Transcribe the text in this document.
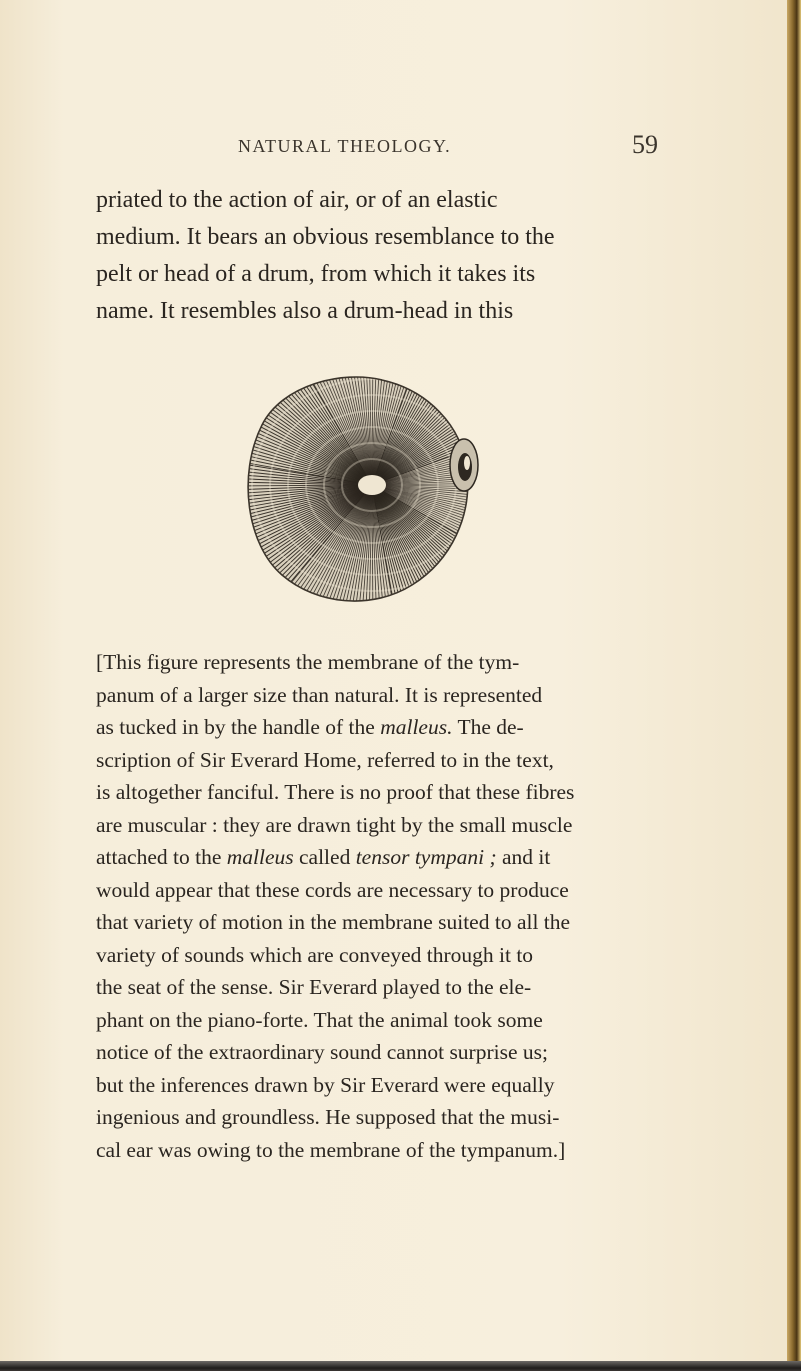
NATURAL THEOLOGY.	59

priated to the action of air, or of an elastic
medium. It bears an obvious resemblance to the
pelt or head of a drum, from which it takes its
name. It resembles also a drum-head in this

[This figure represents the membrane of the tym-
panum of a larger size than natural. It is represented
as tucked in by the handle of the malleus. The de-
scription of Sir Everard Home, referred to in the text,
is altogether fanciful. There is no proof that these fibres
are muscular : they are drawn tight by the small muscle
attached to the malleus called tensor tympani ; and it
would appear that these cords are necessary to produce
that variety of motion in the membrane suited to all the
variety of sounds which are conveyed through it to
the seat of the sense. Sir Everard played to the ele-
phant on the piano-forte. That the animal took some
notice of the extraordinary sound cannot surprise us;
but the inferences drawn by Sir Everard were equally
ingenious and groundless. He supposed that the musi-
cal ear was owing to the membrane of the tympanum.]
